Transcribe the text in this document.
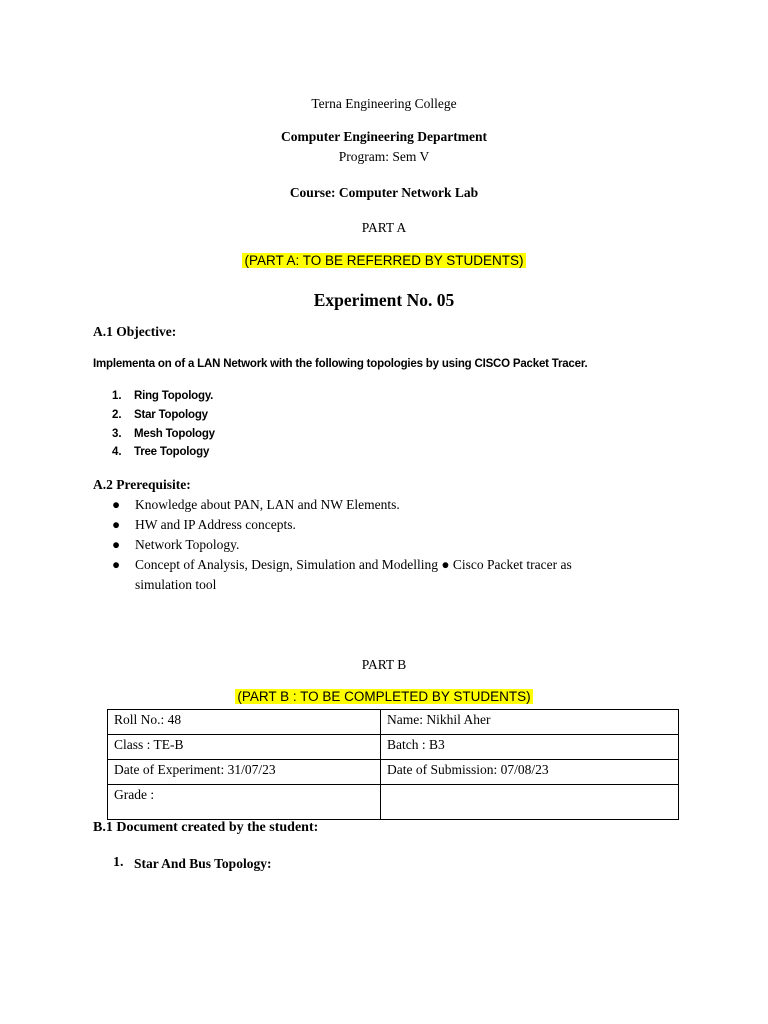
Terna Engineering College
Computer Engineering Department
Program: Sem V
Course: Computer Network Lab
PART A
(PART A: TO BE REFERRED BY STUDENTS)
Experiment No. 05
A.1 Objective:
Implementa on of a LAN Network with the following topologies by using CISCO Packet Tracer.
1. Ring Topology.
2. Star Topology
3. Mesh Topology
4. Tree Topology
A.2 Prerequisite:
● Knowledge about PAN, LAN and NW Elements.
● HW and IP Address concepts.
● Network Topology.
● Concept of Analysis, Design, Simulation and Modelling ● Cisco Packet tracer as
simulation tool
PART B
(PART B : TO BE COMPLETED BY STUDENTS)
Roll No.: 48	Name: Nikhil Aher
Class : TE-B	Batch : B3
Date of Experiment: 31/07/23	Date of Submission: 07/08/23
Grade :	
B.1 Document created by the student:
1. Star And Bus Topology:
